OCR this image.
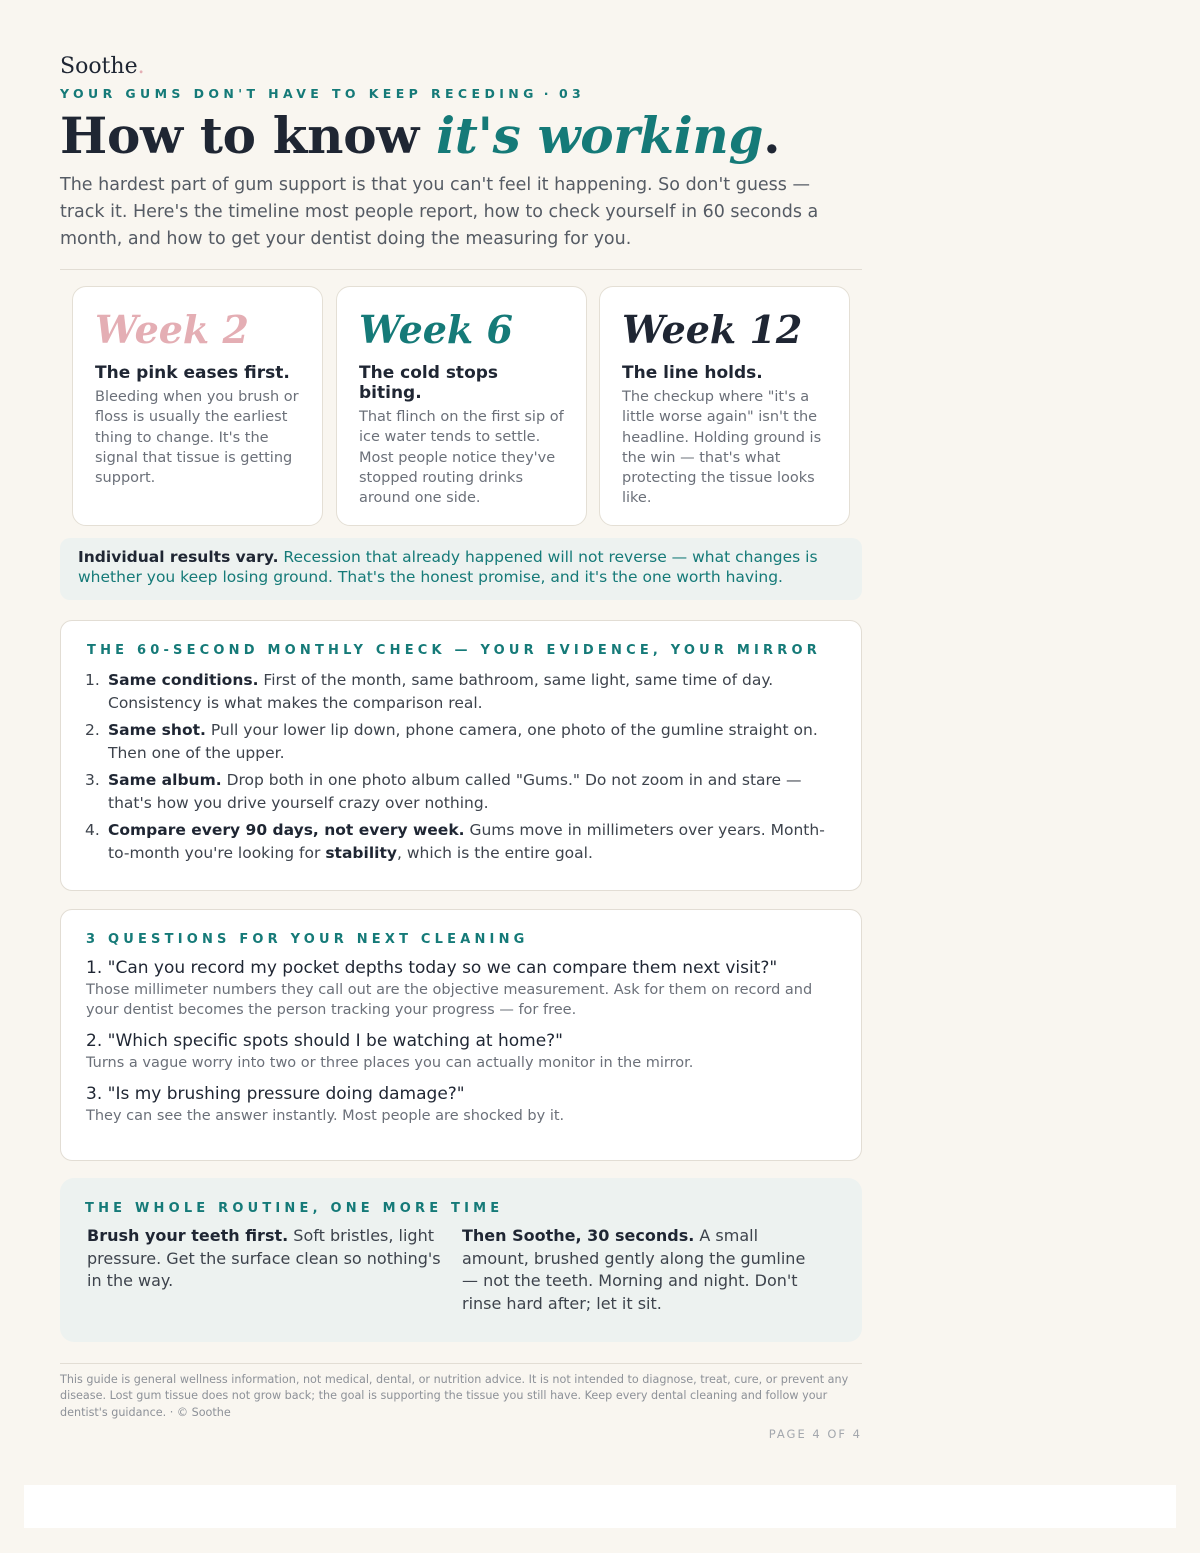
Soothe.
YOUR GUMS DON'T HAVE TO KEEP RECEDING · 03
How to know it's working.

The hardest part of gum support is that you can't feel it happening. So don't guess — track it. Here's the timeline most people report, how to check yourself in 60 seconds a month, and how to get your dentist doing the measuring for you.

Week 2
The pink eases first.
Bleeding when you brush or floss is usually the earliest thing to change. It's the signal that tissue is getting support.
Week 6
The cold stops biting.
That flinch on the first sip of ice water tends to settle. Most people notice they've stopped routing drinks around one side.
Week 12
The line holds.
The checkup where "it's a little worse again" isn't the headline. Holding ground is the win — that's what protecting the tissue looks like.
Individual results vary. Recession that already happened will not reverse — what changes is whether you keep losing ground. That's the honest promise, and it's the one worth having.
THE 60-SECOND MONTHLY CHECK — YOUR EVIDENCE, YOUR MIRROR
1. Same conditions. First of the month, same bathroom, same light, same time of day. Consistency is what makes the comparison real.
2. Same shot. Pull your lower lip down, phone camera, one photo of the gumline straight on. Then one of the upper.
3. Same album. Drop both in one photo album called "Gums." Do not zoom in and stare — that's how you drive yourself crazy over nothing.
4. Compare every 90 days, not every week. Gums move in millimeters over years. Month-to-month you're looking for stability, which is the entire goal.
3 QUESTIONS FOR YOUR NEXT CLEANING
1. "Can you record my pocket depths today so we can compare them next visit?"
Those millimeter numbers they call out are the objective measurement. Ask for them on record and your dentist becomes the person tracking your progress — for free.
2. "Which specific spots should I be watching at home?"
Turns a vague worry into two or three places you can actually monitor in the mirror.
3. "Is my brushing pressure doing damage?"
They can see the answer instantly. Most people are shocked by it.
THE WHOLE ROUTINE, ONE MORE TIME
Brush your teeth first. Soft bristles, light pressure. Get the surface clean so nothing's in the way.
Then Soothe, 30 seconds. A small amount, brushed gently along the gumline — not the teeth. Morning and night. Don't rinse hard after; let it sit.

This guide is general wellness information, not medical, dental, or nutrition advice. It is not intended to diagnose, treat, cure, or prevent any disease. Lost gum tissue does not grow back; the goal is supporting the tissue you still have. Keep every dental cleaning and follow your dentist's guidance. · © Soothe

PAGE 4 OF 4
